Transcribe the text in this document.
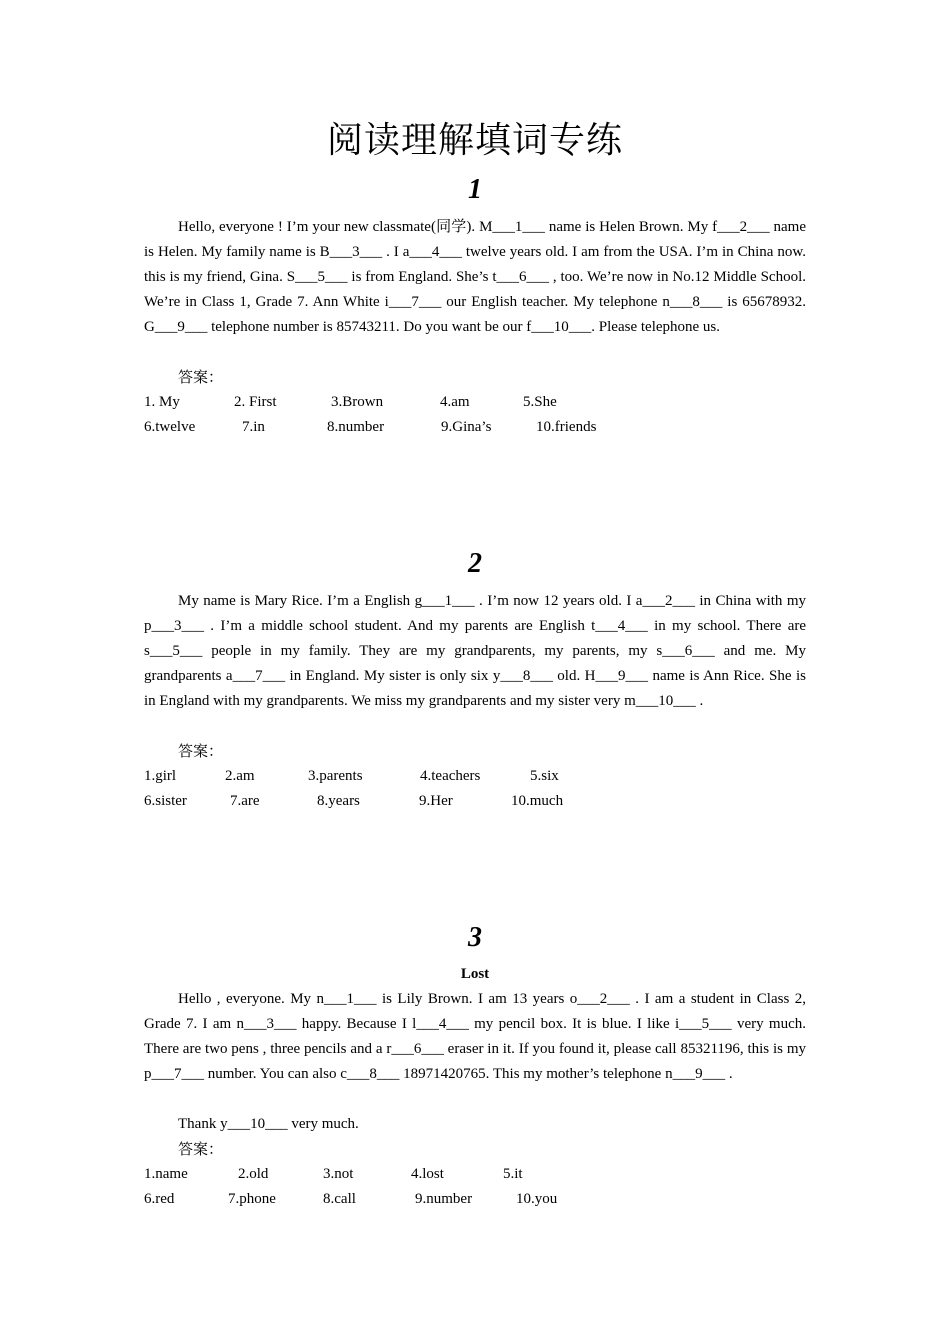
阅读理解填词专练
1

Hello, everyone ! I’m your new classmate(同学). M___1___ name is Helen Brown. My f___2___ name is Helen. My family name is B___3___ . I a___4___ twelve years old. I am from the USA. I’m in China now. this is my friend, Gina. S___5___ is from England. She’s t___6___ , too. We’re now in No.12 Middle School. We’re in Class 1, Grade 7. Ann White i___7___ our English teacher. My telephone n___8___ is 65678932. G___9___ telephone number is 85743211. Do you want be our f___10___. Please telephone us.

答案：
1. My	2. First	3.Brown	4.am	5.She
6.twelve	7.in	8.number	9.Gina’s	10.friends
2

My name is Mary Rice. I’m a English g___1___ . I’m now 12 years old. I a___2___ in China with my p___3___ . I’m a middle school student. And my parents are English t___4___ in my school. There are s___5___ people in my family. They are my grandparents, my parents, my s___6___ and me. My grandparents a___7___ in England. My sister is only six y___8___ old. H___9___ name is Ann Rice. She is in England with my grandparents. We miss my grandparents and my sister very m___10___ .

答案：
1.girl	2.am	3.parents	4.teachers	5.six
6.sister	7.are	8.years	9.Her	10.much
3
Lost

Hello , everyone. My n___1___ is Lily Brown. I am 13 years o___2___ . I am a student in Class 2, Grade 7. I am n___3___ happy. Because I l___4___ my pencil box. It is blue. I like i___5___ very much. There are two pens , three pencils and a r___6___ eraser in it. If you found it, please call 85321196, this is my p___7___ number. You can also c___8___ 18971420765. This my mother’s telephone n___9___ .

Thank y___10___ very much.

答案：
1.name	2.old	3.not	4.lost	5.it
6.red	7.phone	8.call	9.number	10.you
